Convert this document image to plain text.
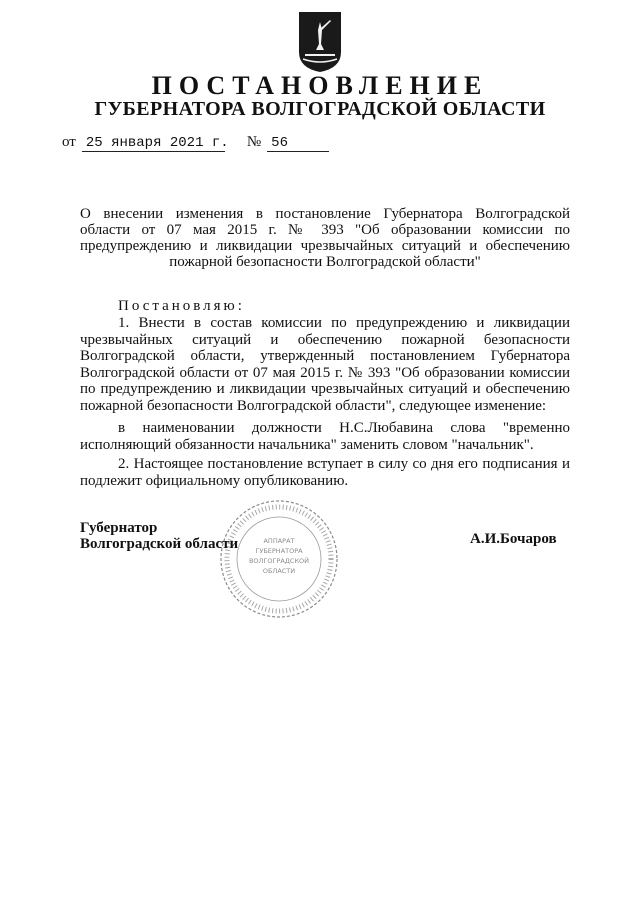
ПОСТАНОВЛЕНИЕ
ГУБЕРНАТОРА ВОЛГОГРАДСКОЙ ОБЛАСТИ
от 25 января 2021 г. № 56
О внесении изменения в постановление Губернатора Волгоградской области от 07 мая 2015 г. № 393 "Об образовании комиссии по предупреждению и ликвидации чрезвычайных ситуаций и обеспечению пожарной безопасности Волгоградской области"
Постановляю:
1. Внести в состав комиссии по предупреждению и ликвидации чрезвычайных ситуаций и обеспечению пожарной безопасности Волгоградской области, утвержденный постановлением Губернатора Волгоградской области от 07 мая 2015 г. № 393 "Об образовании комиссии по предупреждению и ликвидации чрезвычайных ситуаций и обеспечению пожарной безопасности Волгоградской области", следующее изменение:
в наименовании должности Н.С.Любавина слова "временно исполняющий обязанности начальника" заменить словом "начальник".
2. Настоящее постановление вступает в силу со дня его подписания и подлежит официальному опубликованию.
АППАРАТ
ГУБЕРНАТОРА
ВОЛГОГРАДСКОЙ
ОБЛАСТИ
Губернатор
Волгоградской области	А.И.Бочаров
